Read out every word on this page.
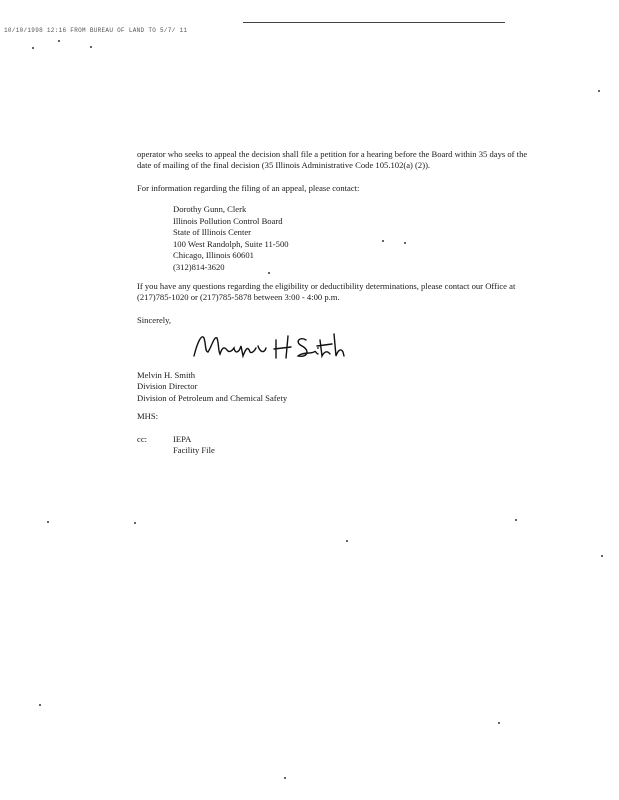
10/10/1998 12:16 FROM BUREAU OF LAND TO 5/7/ 11
operator who seeks to appeal the decision shall file a petition for a hearing before the Board within 35 days of the date of mailing of the final decision (35 Illinois Administrative Code 105.102(a) (2)).
For information regarding the filing of an appeal, please contact:
Dorothy Gunn, Clerk
Illinois Pollution Control Board
State of Illinois Center
100 West Randolph, Suite 11-500
Chicago, Illinois 60601
(312)814-3620
If you have any questions regarding the eligibility or deductibility determinations, please contact our Office at (217)785-1020 or (217)785-5878 between 3:00 - 4:00 p.m.
Sincerely,
Melvin H. Smith
Division Director
Division of Petroleum and Chemical Safety
MHS:
cc:	IEPA
Facility File
